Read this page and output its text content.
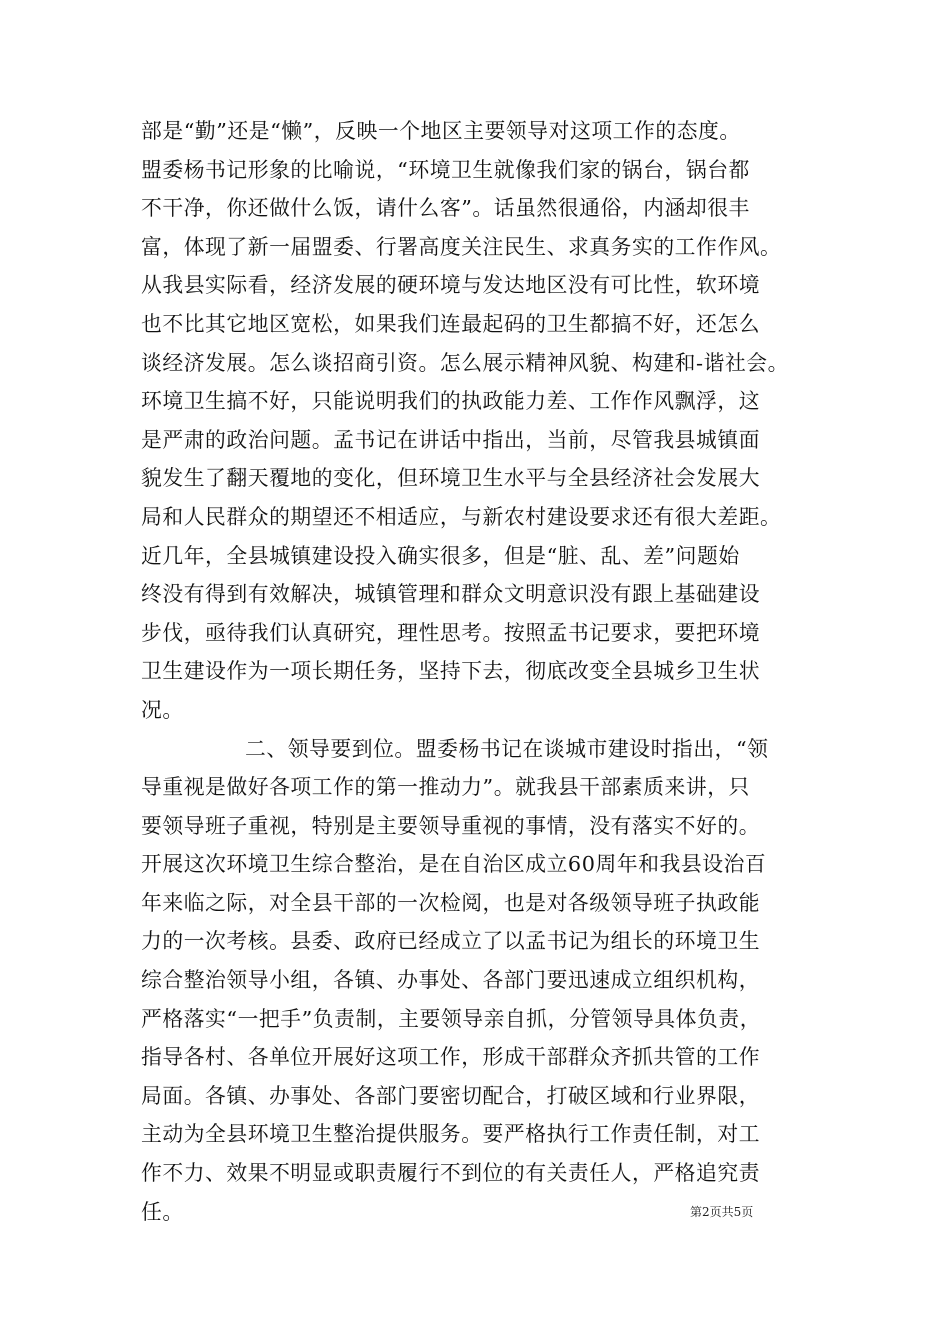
部是“勤”还是“懒”，反映一个地区主要领导对这项工作的态度。
盟委杨书记形象的比喻说，“环境卫生就像我们家的锅台，锅台都
不干净，你还做什么饭，请什么客”。话虽然很通俗，内涵却很丰
富，体现了新一届盟委、行署高度关注民生、求真务实的工作作风。
从我县实际看，经济发展的硬环境与发达地区没有可比性，软环境
也不比其它地区宽松，如果我们连最起码的卫生都搞不好，还怎么
谈经济发展。怎么谈招商引资。怎么展示精神风貌、构建和-谐社会。
环境卫生搞不好，只能说明我们的执政能力差、工作作风飘浮，这
是严肃的政治问题。孟书记在讲话中指出，当前，尽管我县城镇面
貌发生了翻天覆地的变化，但环境卫生水平与全县经济社会发展大
局和人民群众的期望还不相适应，与新农村建设要求还有很大差距。
近几年，全县城镇建设投入确实很多，但是“脏、乱、差”问题始
终没有得到有效解决，城镇管理和群众文明意识没有跟上基础建设
步伐，亟待我们认真研究，理性思考。按照孟书记要求，要把环境
卫生建设作为一项长期任务，坚持下去，彻底改变全县城乡卫生状
况。
二、领导要到位。盟委杨书记在谈城市建设时指出，“领
导重视是做好各项工作的第一推动力”。就我县干部素质来讲，只
要领导班子重视，特别是主要领导重视的事情，没有落实不好的。
开展这次环境卫生综合整治，是在自治区成立60周年和我县设治百
年来临之际，对全县干部的一次检阅，也是对各级领导班子执政能
力的一次考核。县委、政府已经成立了以孟书记为组长的环境卫生
综合整治领导小组，各镇、办事处、各部门要迅速成立组织机构，
严格落实“一把手”负责制，主要领导亲自抓，分管领导具体负责，
指导各村、各单位开展好这项工作，形成干部群众齐抓共管的工作
局面。各镇、办事处、各部门要密切配合，打破区域和行业界限，
主动为全县环境卫生整治提供服务。要严格执行工作责任制，对工
作不力、效果不明显或职责履行不到位的有关责任人，严格追究责
任。	第2页共5页
